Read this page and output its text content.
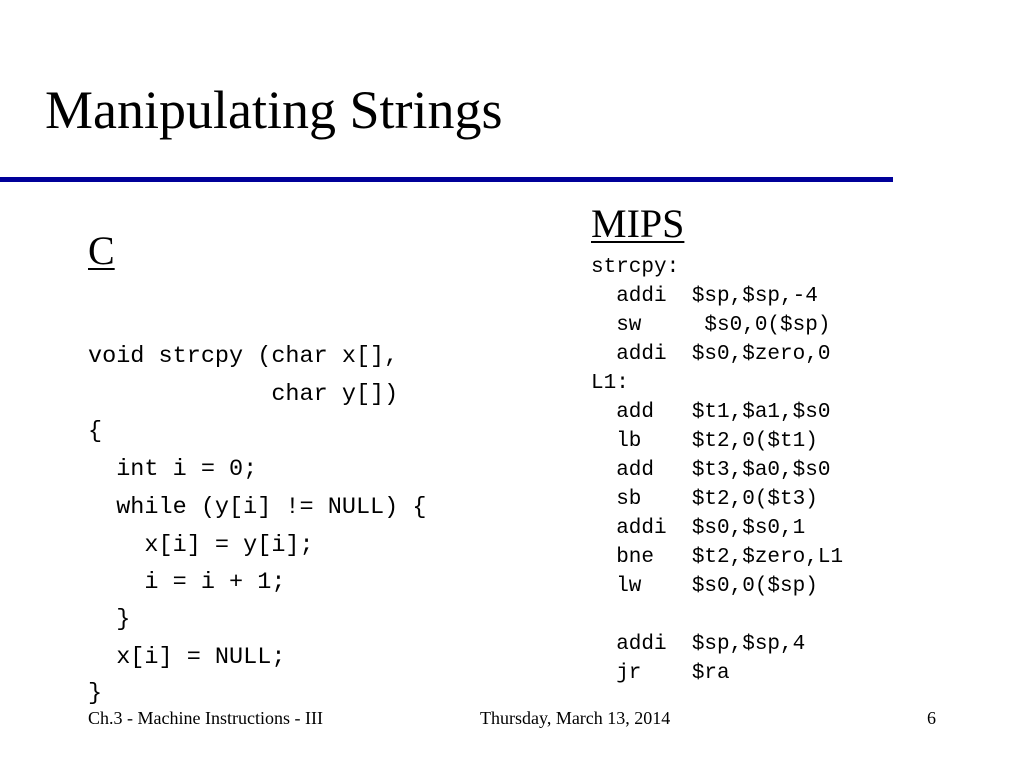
Manipulating Strings
C
void strcpy (char x[],
char y[])
{
int i = 0;
while (y[i] != NULL) {
x[i] = y[i];
i = i + 1;
}
x[i] = NULL;
}
MIPS
strcpy:
addi  $sp,$sp,-4
sw     $s0,0($sp)
addi  $s0,$zero,0
L1:
add   $t1,$a1,$s0
lb    $t2,0($t1)
add   $t3,$a0,$s0
sb    $t2,0($t3)
addi  $s0,$s0,1
bne   $t2,$zero,L1
lw    $s0,0($sp)
addi  $sp,$sp,4
jr    $ra
Ch.3 - Machine Instructions - III	Thursday, March 13, 2014	6
